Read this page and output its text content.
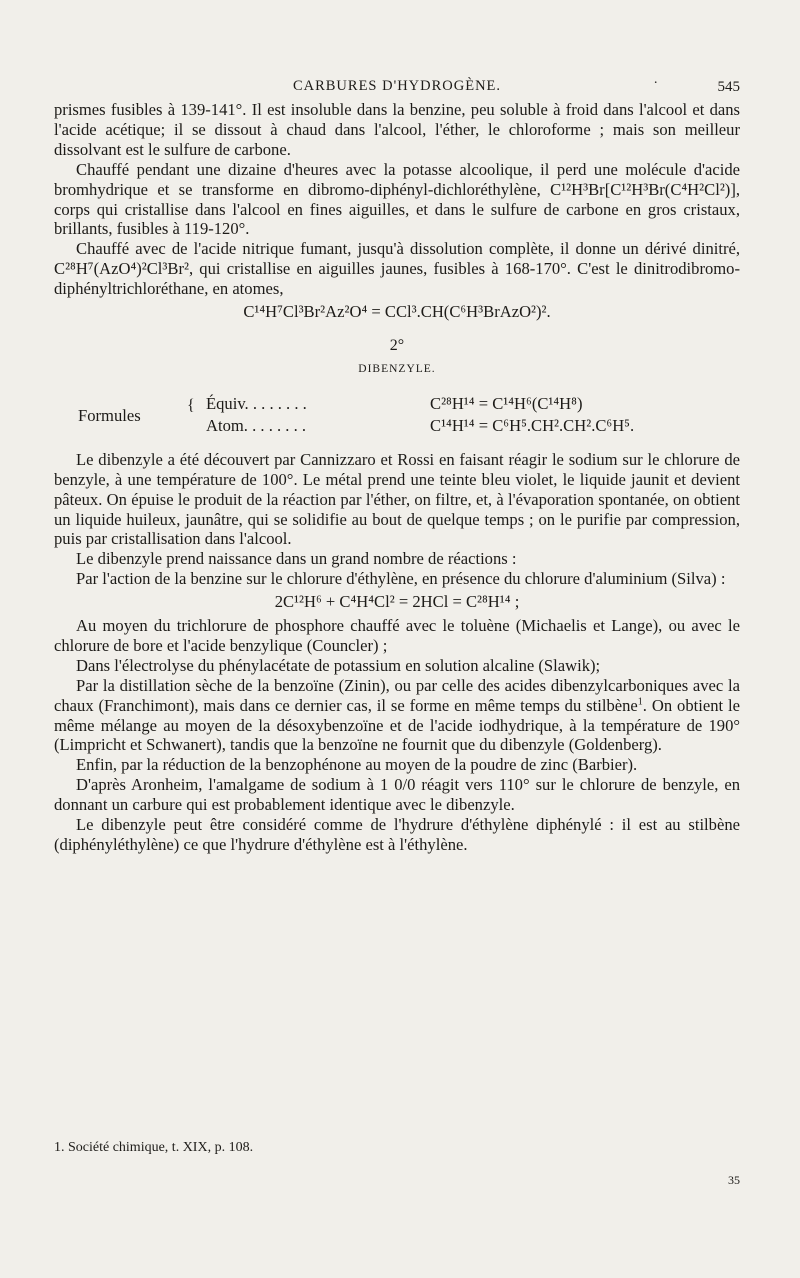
CARBURES D'HYDROGÈNE.	·	545

prismes fusibles à 139-141°. Il est insoluble dans la benzine, peu soluble à froid dans l'alcool et dans l'acide acétique; il se dissout à chaud dans l'alcool, l'éther, le chloroforme ; mais son meilleur dissolvant est le sulfure de carbone.

Chauffé pendant une dizaine d'heures avec la potasse alcoolique, il perd une molécule d'acide bromhydrique et se transforme en dibromo-diphényl-dichloréthylène, C¹²H³Br[C¹²H³Br(C⁴H²Cl²)], corps qui cristallise dans l'alcool en fines aiguilles, et dans le sulfure de carbone en gros cristaux, brillants, fusibles à 119-120°.

Chauffé avec de l'acide nitrique fumant, jusqu'à dissolution complète, il donne un dérivé dinitré, C²⁸H⁷(AzO⁴)²Cl³Br², qui cristallise en aiguilles jaunes, fusibles à 168-170°. C'est le dinitrodibromo-diphényltrichloréthane, en atomes,

C¹⁴H⁷Cl³Br²Az²O⁴ = CCl³.CH(C⁶H³BrAzO²)².
2°
DIBENZYLE.
Formules
{ Équiv. . . . . . . .	C²⁸H¹⁴ = C¹⁴H⁶(C¹⁴H⁸)
Atom. . . . . . . .	C¹⁴H¹⁴ = C⁶H⁵.CH².CH².C⁶H⁵.

Le dibenzyle a été découvert par Cannizzaro et Rossi en faisant réagir le sodium sur le chlorure de benzyle, à une température de 100°. Le métal prend une teinte bleu violet, le liquide jaunit et devient pâteux. On épuise le produit de la réaction par l'éther, on filtre, et, à l'évaporation spontanée, on obtient un liquide huileux, jaunâtre, qui se solidifie au bout de quelque temps ; on le purifie par compression, puis par cristallisation dans l'alcool.

Le dibenzyle prend naissance dans un grand nombre de réactions :

Par l'action de la benzine sur le chlorure d'éthylène, en présence du chlorure d'aluminium (Silva) :

2C¹²H⁶ + C⁴H⁴Cl² = 2HCl = C²⁸H¹⁴ ;

Au moyen du trichlorure de phosphore chauffé avec le toluène (Michaelis et Lange), ou avec le chlorure de bore et l'acide benzylique (Councler) ;

Dans l'électrolyse du phénylacétate de potassium en solution alcaline (Slawik);

Par la distillation sèche de la benzoïne (Zinin), ou par celle des acides dibenzylcarboniques avec la chaux (Franchimont), mais dans ce dernier cas, il se forme en même temps du stilbène$^1$. On obtient le même mélange au moyen de la désoxybenzoïne et de l'acide iodhydrique, à la température de 190° (Limpricht et Schwanert), tandis que la benzoïne ne fournit que du dibenzyle (Goldenberg).

Enfin, par la réduction de la benzophénone au moyen de la poudre de zinc (Barbier).

D'après Aronheim, l'amalgame de sodium à 1 0/0 réagit vers 110° sur le chlorure de benzyle, en donnant un carbure qui est probablement identique avec le dibenzyle.

Le dibenzyle peut être considéré comme de l'hydrure d'éthylène diphénylé : il est au stilbène (diphényléthylène) ce que l'hydrure d'éthylène est à l'éthylène.

1. Société chimique, t. XIX, p. 108.
35
